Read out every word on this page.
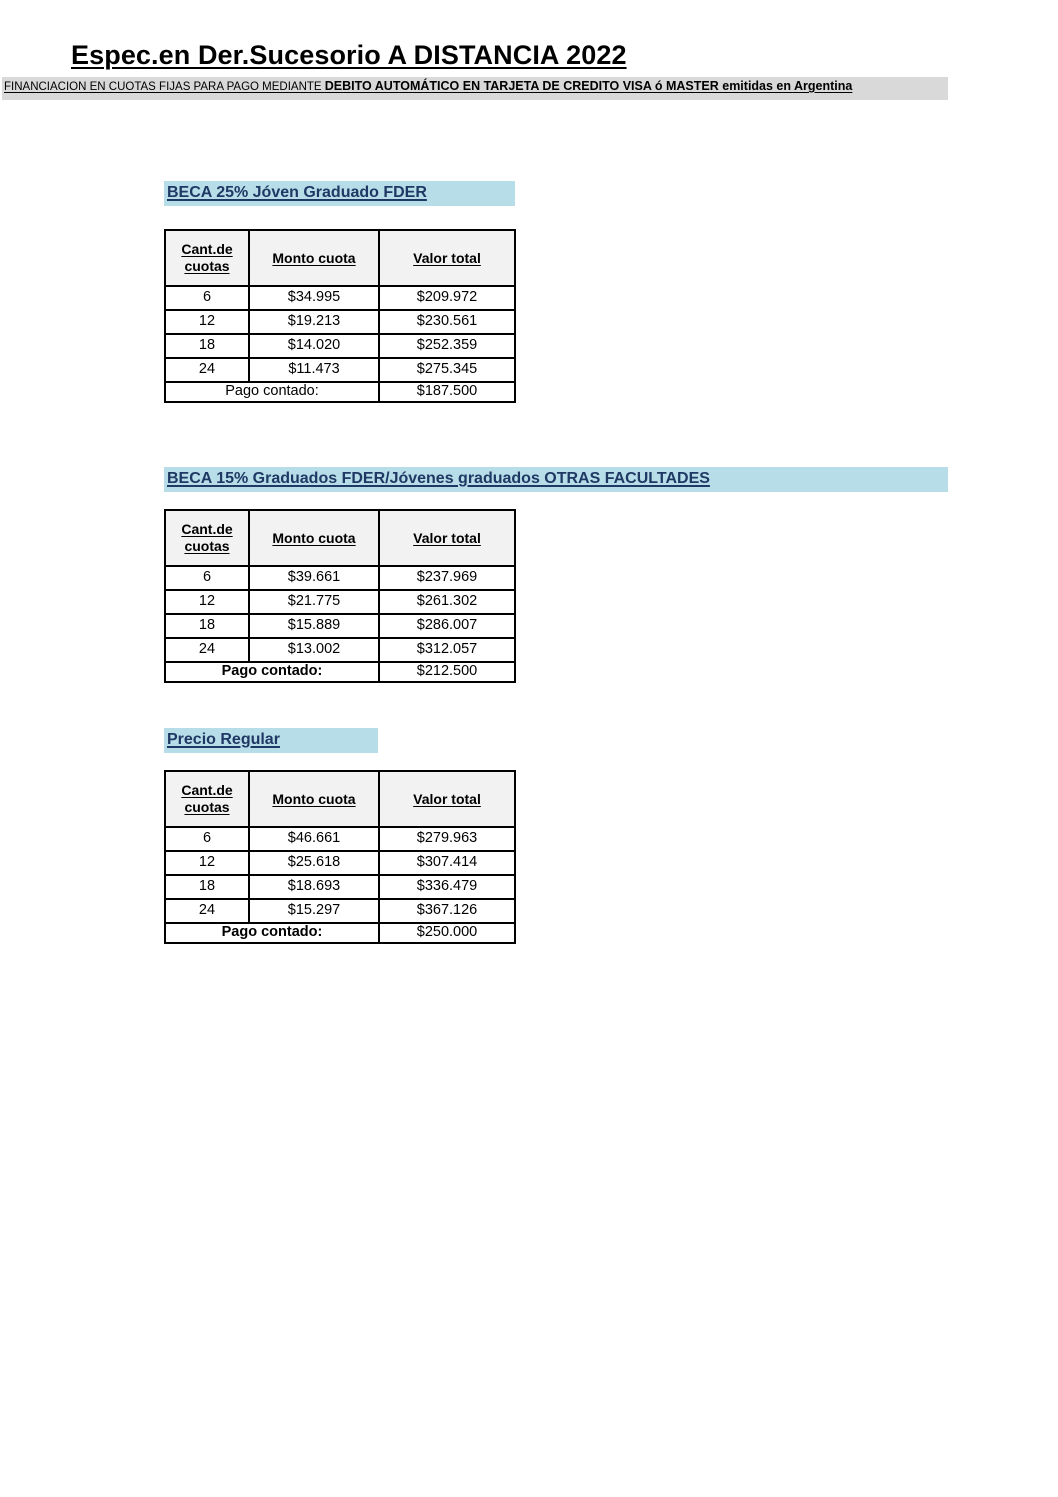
Espec.en Der.Sucesorio A DISTANCIA 2022
FINANCIACION EN CUOTAS FIJAS PARA PAGO MEDIANTE DEBITO AUTOMÁTICO EN TARJETA DE CREDITO VISA ó MASTER emitidas en Argentina
BECA 25% Jóven Graduado FDER
Cant.de cuotas	Monto cuota	Valor total
6	$34.995	$209.972
12	$19.213	$230.561
18	$14.020	$252.359
24	$11.473	$275.345
Pago contado:		$187.500
BECA 15% Graduados FDER/Jóvenes graduados OTRAS FACULTADES
Cant.de cuotas	Monto cuota	Valor total
6	$39.661	$237.969
12	$21.775	$261.302
18	$15.889	$286.007
24	$13.002	$312.057
Pago contado:		$212.500
Precio Regular
Cant.de cuotas	Monto cuota	Valor total
6	$46.661	$279.963
12	$25.618	$307.414
18	$18.693	$336.479
24	$15.297	$367.126
Pago contado:		$250.000
